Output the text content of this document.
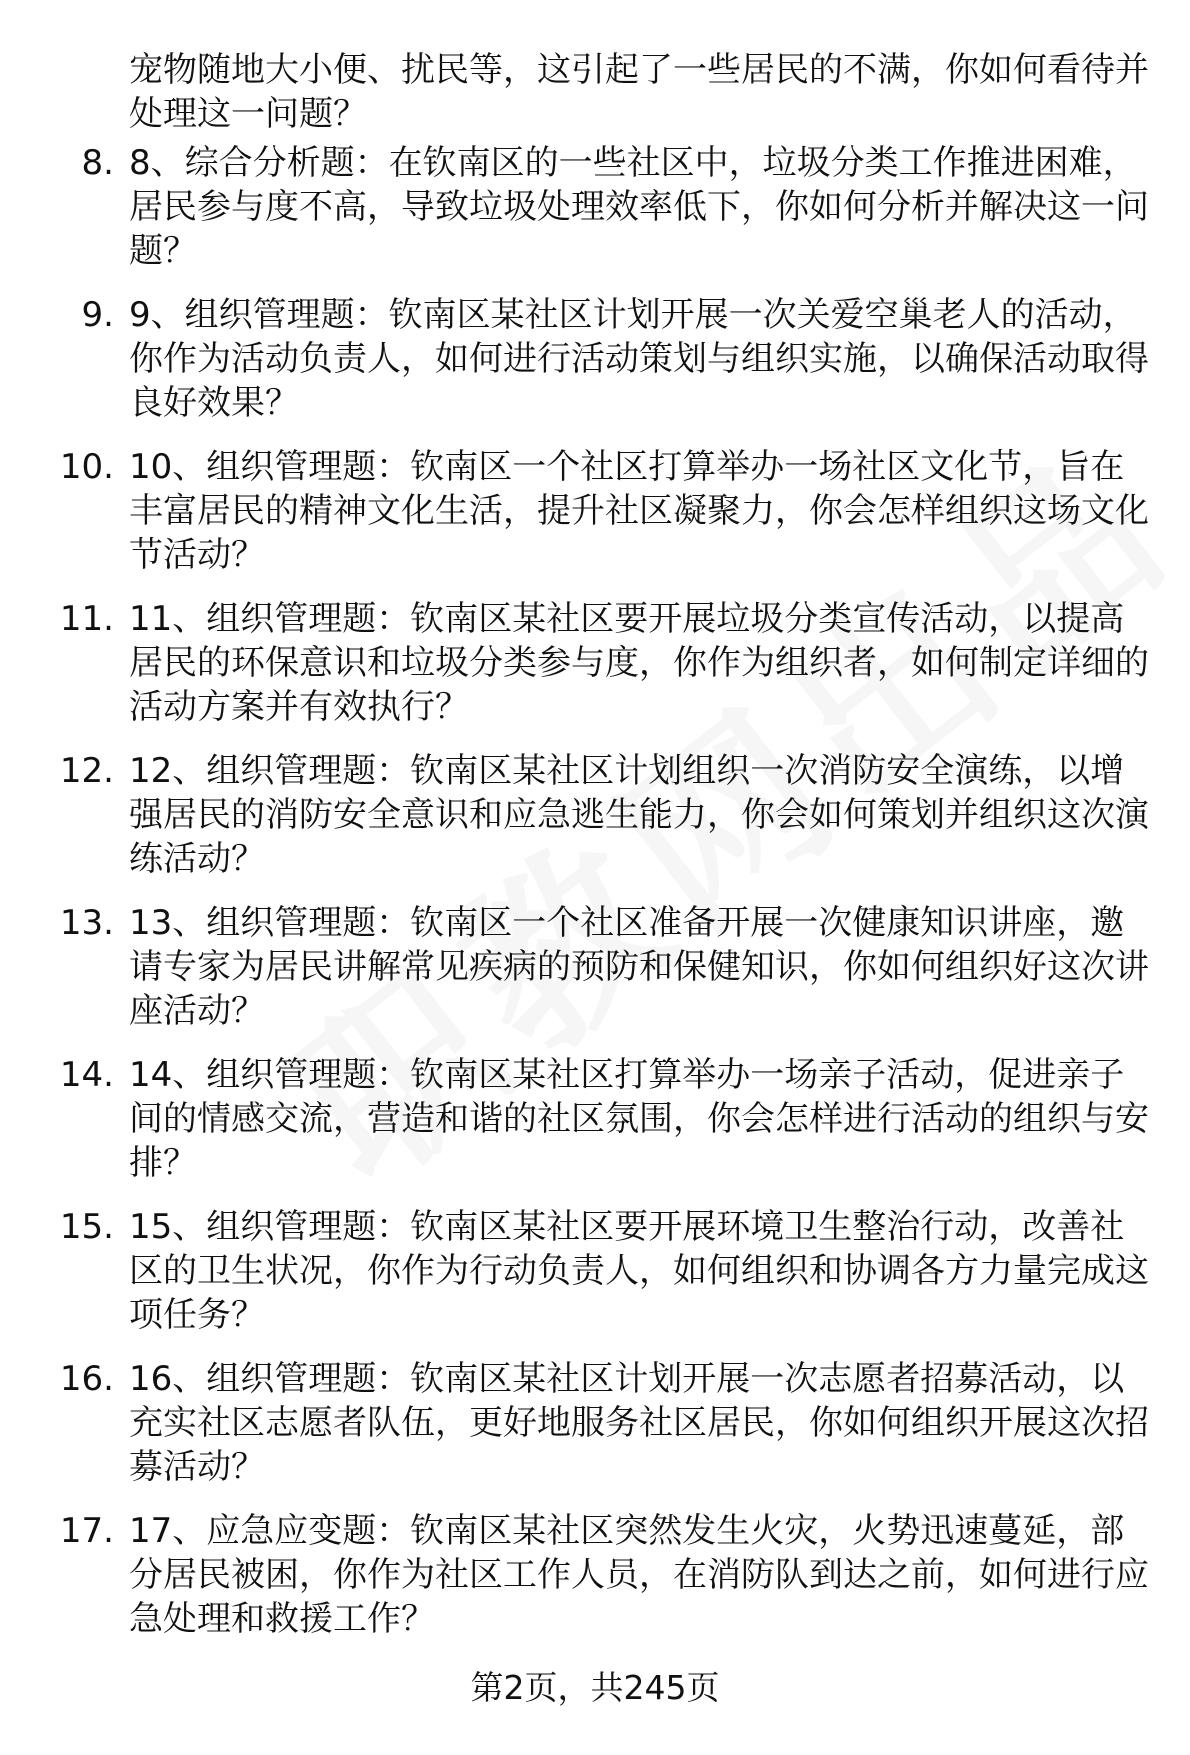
宠物随地大小便、扰民等，这引起了一些居民的不满，你如何看待并处理这一问题？
8. 8、综合分析题：在钦南区的一些社区中，垃圾分类工作推进困难，居民参与度不高，导致垃圾处理效率低下，你如何分析并解决这一问题？
9. 9、组织管理题：钦南区某社区计划开展一次关爱空巢老人的活动，你作为活动负责人，如何进行活动策划与组织实施，以确保活动取得良好效果？
10. 10、组织管理题：钦南区一个社区打算举办一场社区文化节，旨在丰富居民的精神文化生活，提升社区凝聚力，你会怎样组织这场文化节活动？
11. 11、组织管理题：钦南区某社区要开展垃圾分类宣传活动，以提高居民的环保意识和垃圾分类参与度，你作为组织者，如何制定详细的活动方案并有效执行？
12. 12、组织管理题：钦南区某社区计划组织一次消防安全演练，以增强居民的消防安全意识和应急逃生能力，你会如何策划并组织这次演练活动？
13. 13、组织管理题：钦南区一个社区准备开展一次健康知识讲座，邀请专家为居民讲解常见疾病的预防和保健知识，你如何组织好这次讲座活动？
14. 14、组织管理题：钦南区某社区打算举办一场亲子活动，促进亲子间的情感交流，营造和谐的社区氛围，你会怎样进行活动的组织与安排？
15. 15、组织管理题：钦南区某社区要开展环境卫生整治行动，改善社区的卫生状况，你作为行动负责人，如何组织和协调各方力量完成这项任务？
16. 16、组织管理题：钦南区某社区计划开展一次志愿者招募活动，以充实社区志愿者队伍，更好地服务社区居民，你如何组织开展这次招募活动？
17. 17、应急应变题：钦南区某社区突然发生火灾，火势迅速蔓延，部分居民被困，你作为社区工作人员，在消防队到达之前，如何进行应急处理和救援工作？
第2页，共245页
